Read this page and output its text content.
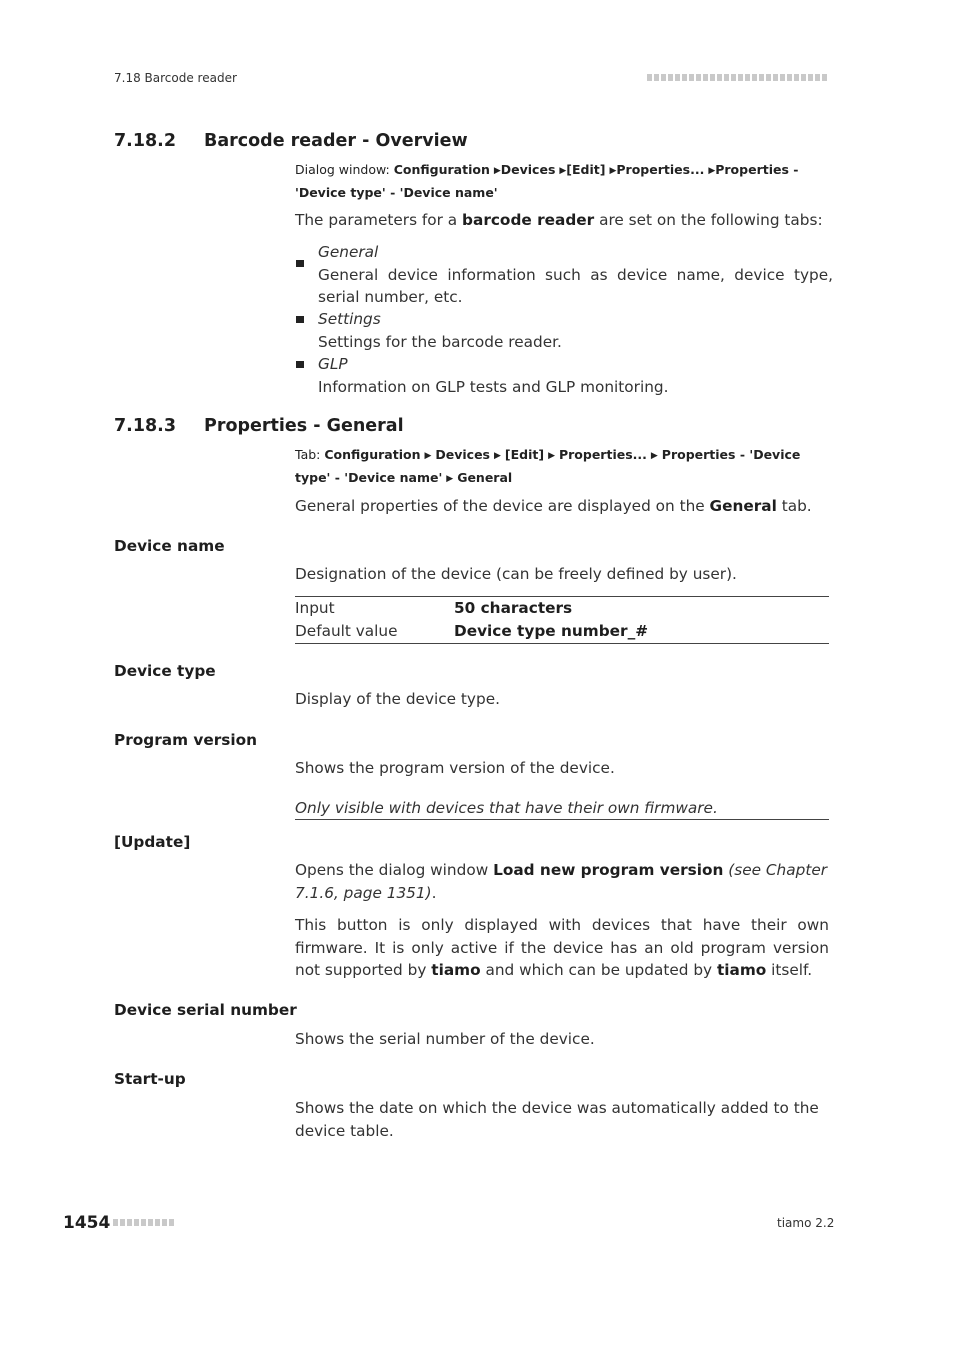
7.18 Barcode reader
7.18.2 Barcode reader - Overview
Dialog window: Configuration ▶Devices ▶[Edit] ▶Properties... ▶Properties - 'Device type' - 'Device name'
The parameters for a barcode reader are set on the following tabs:
General
General device information such as device name, device type, serial number, etc.
Settings
Settings for the barcode reader.
GLP
Information on GLP tests and GLP monitoring.
7.18.3 Properties - General
Tab: Configuration ▶ Devices ▶ [Edit] ▶ Properties... ▶ Properties - 'Device type' - 'Device name' ▶ General
General properties of the device are displayed on the General tab.
Device name
Designation of the device (can be freely defined by user).
Input	50 characters
Default value	Device type number_#
Device type
Display of the device type.
Program version
Shows the program version of the device.
Only visible with devices that have their own firmware.
[Update]
Opens the dialog window Load new program version (see Chapter 7.1.6, page 1351).
This button is only displayed with devices that have their own firmware. It is only active if the device has an old program version not supported by tiamo and which can be updated by tiamo itself.
Device serial number
Shows the serial number of the device.
Start-up
Shows the date on which the device was automatically added to the device table.
1454	tiamo 2.2
